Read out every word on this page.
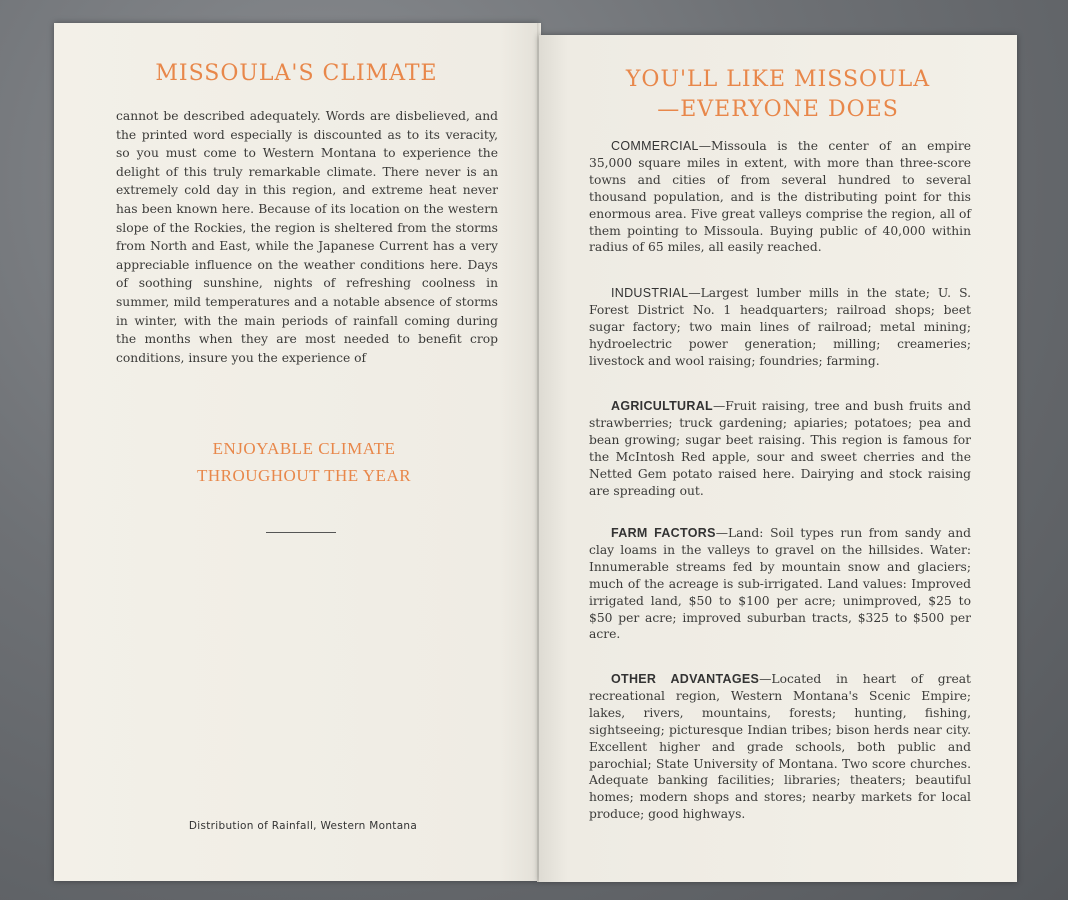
MISSOULA'S CLIMATE

cannot be described adequately. Words are disbelieved, and the printed word especially is discounted as to its veracity, so you must come to Western Montana to experience the delight of this truly remarkable climate. There never is an extremely cold day in this region, and extreme heat never has been known here. Because of its location on the western slope of the Rockies, the region is sheltered from the storms from North and East, while the Japanese Current has a very appreciable influence on the weather conditions here. Days of soothing sunshine, nights of refreshing coolness in summer, mild temperatures and a notable absence of storms in winter, with the main periods of rainfall coming during the months when they are most needed to benefit crop conditions, insure you the experience of

ENJOYABLE CLIMATE
THROUGHOUT THE YEAR
Distribution of Rainfall, Western Montana
YOU'LL LIKE MISSOULA
—EVERYONE DOES
COMMERCIAL—Missoula is the center of an empire 35,000 square miles in extent, with more than three-score towns and cities of from several hundred to several thousand population, and is the distributing point for this enormous area. Five great valleys comprise the region, all of them pointing to Missoula. Buying public of 40,000 within radius of 65 miles, all easily reached.
INDUSTRIAL—Largest lumber mills in the state; U. S. Forest District No. 1 headquarters; railroad shops; beet sugar factory; two main lines of railroad; metal mining; hydroelectric power generation; milling; creameries; livestock and wool raising; foundries; farming.
AGRICULTURAL—Fruit raising, tree and bush fruits and strawberries; truck gardening; apiaries; potatoes; pea and bean growing; sugar beet raising. This region is famous for the McIntosh Red apple, sour and sweet cherries and the Netted Gem potato raised here. Dairying and stock raising are spreading out.
FARM FACTORS—Land: Soil types run from sandy and clay loams in the valleys to gravel on the hillsides. Water: Innumerable streams fed by mountain snow and glaciers; much of the acreage is sub-irrigated. Land values: Improved irrigated land, $50 to $100 per acre; unimproved, $25 to $50 per acre; improved suburban tracts, $325 to $500 per acre.
OTHER ADVANTAGES—Located in heart of great recreational region, Western Montana's Scenic Empire; lakes, rivers, mountains, forests; hunting, fishing, sightseeing; picturesque Indian tribes; bison herds near city. Excellent higher and grade schools, both public and parochial; State University of Montana. Two score churches. Adequate banking facilities; libraries; theaters; beautiful homes; modern shops and stores; nearby markets for local produce; good highways.
